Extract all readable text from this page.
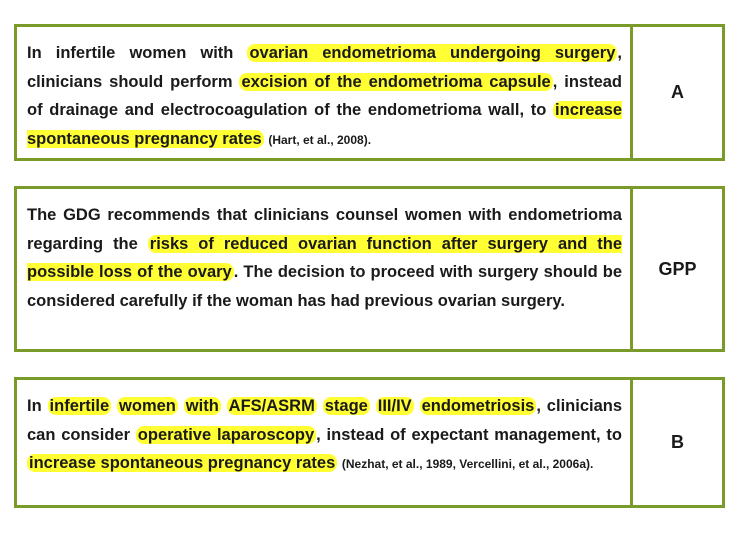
In infertile women with ovarian endometrioma undergoing surgery , clinicians should perform excision of the endometrioma capsule , instead of drainage and electrocoagulation of the endometrioma wall, to increase spontaneous pregnancy rates (Hart, et al., 2008).
A
The GDG recommends that clinicians counsel women with endometrioma regarding the risks of reduced ovarian function after surgery and the possible loss of the ovary . The decision to proceed with surgery should be considered carefully if the woman has had previous ovarian surgery.
GPP
In infertile women with AFS/ASRM stage III/IV endometriosis , clinicians can consider operative laparoscopy , instead of expectant management, to increase spontaneous pregnancy rates (Nezhat, et al., 1989, Vercellini, et al., 2006a).
B
